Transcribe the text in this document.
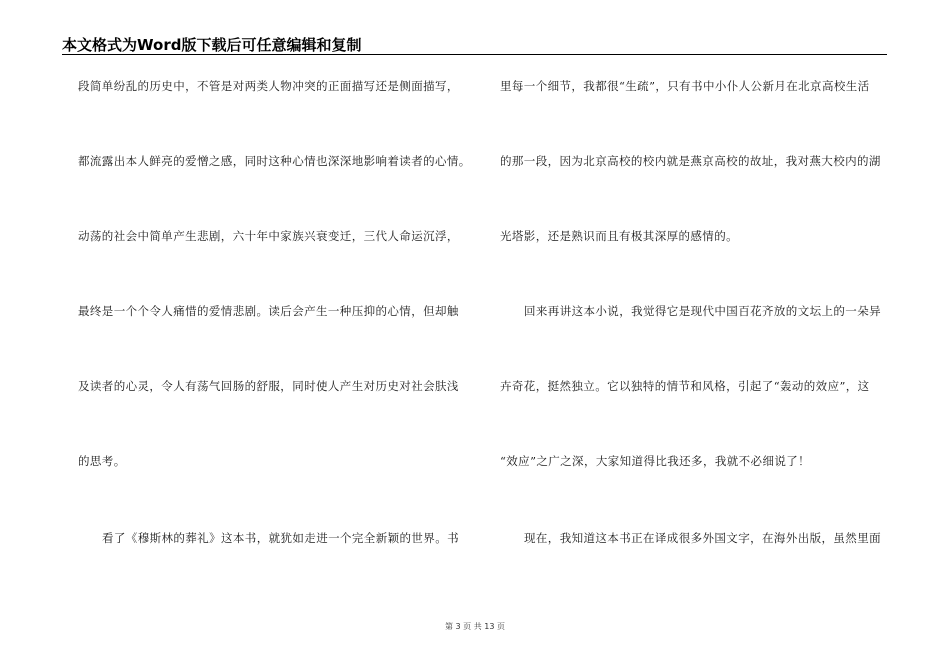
本文格式为Word版下载后可任意编辑和复制
段简单纷乱的历史中，不管是对两类人物冲突的正面描写还是侧面描写，
都流露出本人鲜亮的爱憎之感，同时这种心情也深深地影响着读者的心情。
动荡的社会中简单产生悲剧，六十年中家族兴衰变迁，三代人命运沉浮，
最终是一个个令人痛惜的爱情悲剧。读后会产生一种压抑的心情，但却触
及读者的心灵，令人有荡气回肠的舒服，同时使人产生对历史对社会肤浅
的思考。
看了《穆斯林的葬礼》这本书，就犹如走进一个完全新颖的世界。书
里每一个细节，我都很“生疏”，只有书中小仆人公新月在北京高校生活
的那一段，因为北京高校的校内就是燕京高校的故址，我对燕大校内的湖
光塔影，还是熟识而且有极其深厚的感情的。
回来再讲这本小说，我觉得它是现代中国百花齐放的文坛上的一朵异
卉奇花，挺然独立。它以独特的情节和风格，引起了“轰动的效应”，这
“效应”之广之深，大家知道得比我还多，我就不必细说了！
现在，我知道这本书正在译成很多外国文字，在海外出版，虽然里面
第 3 页 共 13 页
